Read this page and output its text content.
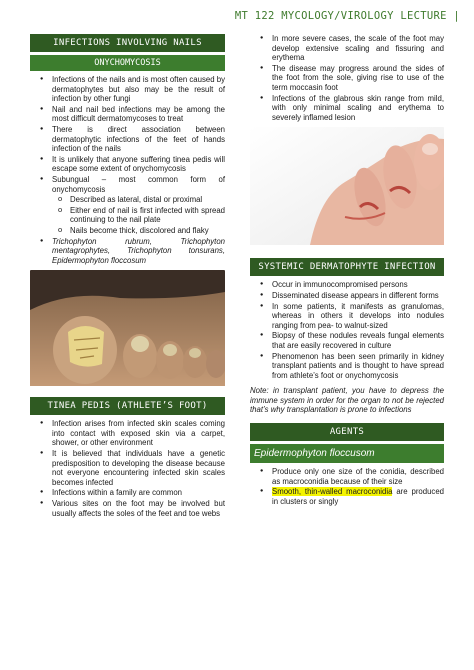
MT 122 MYCOLOGY/VIROLOGY LECTURE |
INFECTIONS INVOLVING NAILS
ONYCHOMYCOSIS
● Infections of the nails and is most often caused by dermatophytes but also may be the result of infection by other fungi
● Nail and nail bed infections may be among the most difficult dermatomycoses to treat
● There is direct association between dermatophytic infections of the feet of hands infection of the nails
● It is unlikely that anyone suffering tinea pedis will escape some extent of onychomycosis
● Subungual – most common form of onychomycosis
o Described as lateral, distal or proximal
o Either end of nail is first infected with spread continuing to the nail plate
o Nails become thick, discolored and flaky
● Trichophyton rubrum, Trichophyton mentagrophytes, Trichophyton tonsurans, Epidermophyton floccosum
TINEA PEDIS (ATHLETE’S FOOT)
● Infection arises from infected skin scales coming into contact with exposed skin via a carpet, shower, or other environment
● It is believed that individuals have a genetic predisposition to developing the disease because not everyone encountering infected skin scales becomes infected
● Infections within a family are common
● Various sites on the foot may be involved but usually affects the soles of the feet and toe webs
● In more severe cases, the scale of the foot may develop extensive scaling and fissuring and erythema
● The disease may progress around the sides of the foot from the sole, giving rise to use of the term moccasin foot
● Infections of the glabrous skin range from mild, with only minimal scaling and erythema to severely inflamed lesion
SYSTEMIC DERMATOPHYTE INFECTION
● Occur in immunocompromised persons
● Disseminated disease appears in different forms
● In some patients, it manifests as granulomas, whereas in others it develops into nodules ranging from pea- to walnut-sized
● Biopsy of these nodules reveals fungal elements that are easily recovered in culture
● Phenomenon has been seen primarily in kidney transplant patients and is thought to have spread from athlete’s foot or onychomycosis
Note: in transplant patient, you have to depress the immune system in order for the organ to not be rejected that’s why transplantation is prone to infections
AGENTS
Epidermophyton floccusom
● Produce only one size of the conidia, described as macroconidia because of their size
● Smooth, thin-walled macroconidia are produced in clusters or singly
